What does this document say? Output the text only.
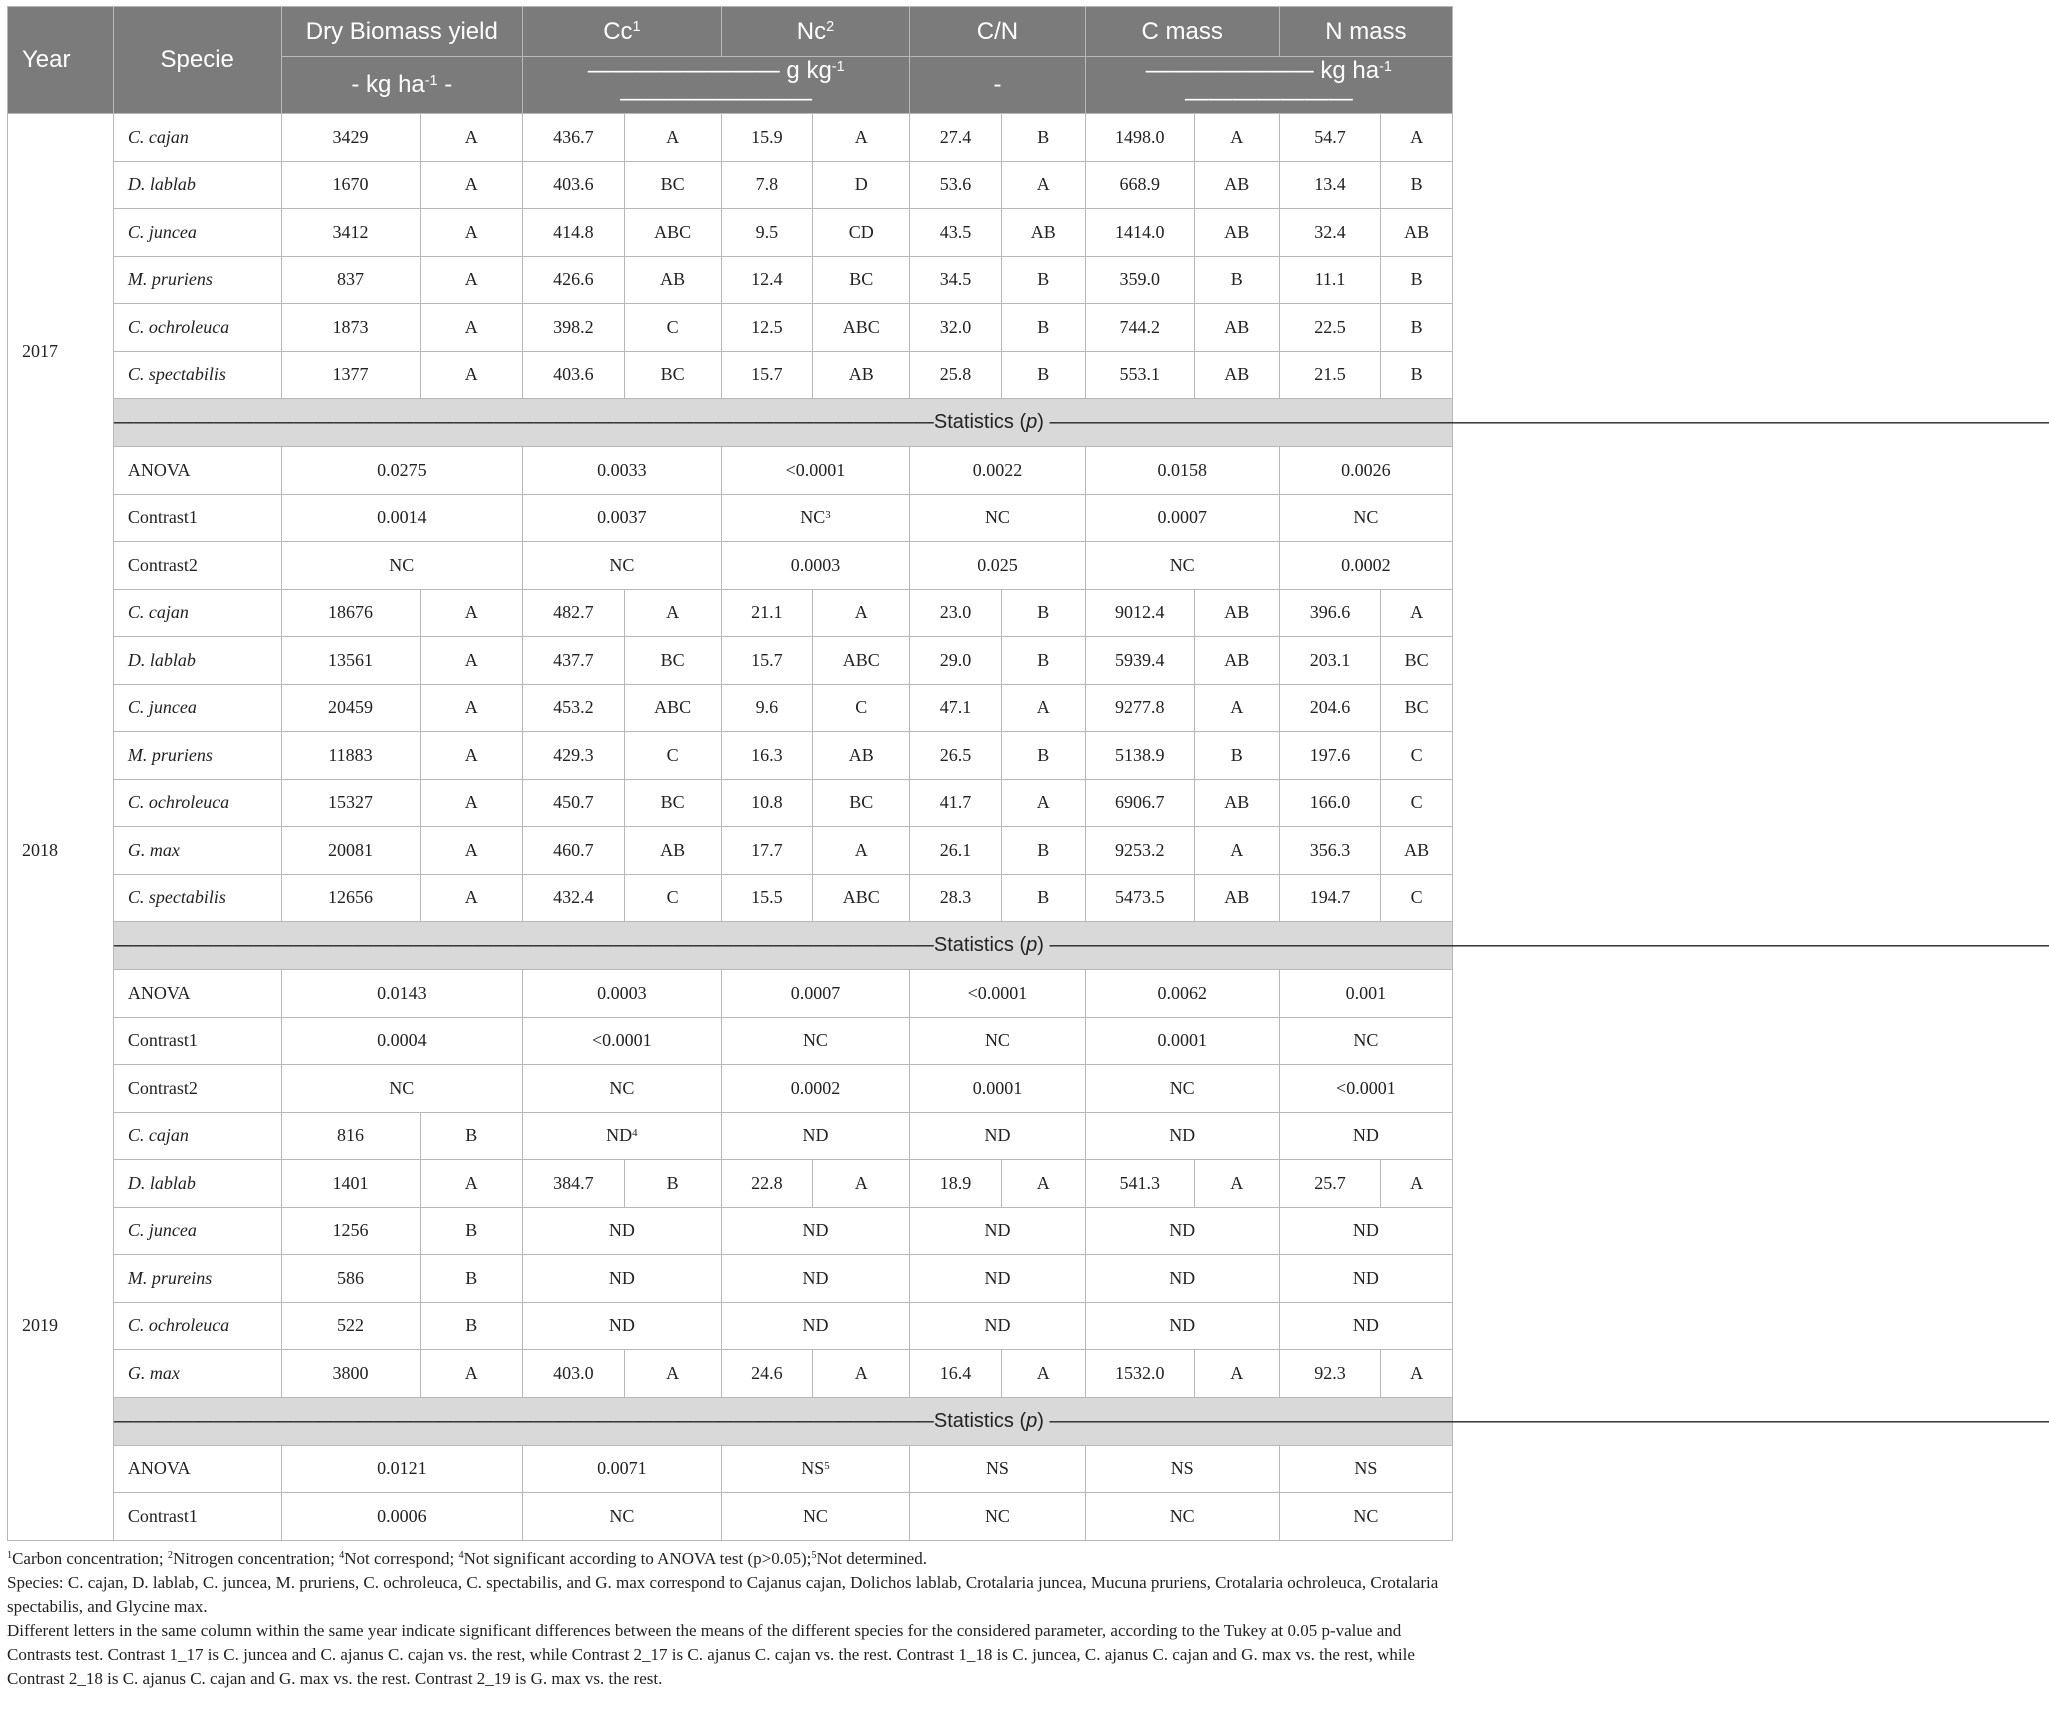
Year	Specie	Dry Biomass yield		Cc$^1$		Nc$^2$		C/N		C mass		N mass	
		- kg $ha^{-1}$ -		———————— g $kg^{-1}————————$				-		——————— kg $ha^{-1}$ ———————			
2017	C. cajan	3429	A	436.7	A	15.9	A	27.4	B	1498.0	A	54.7	A
	D. lablab	1670	A	403.6	BC	7.8	D	53.6	A	668.9	AB	13.4	B
	C. juncea	3412	A	414.8	ABC	9.5	CD	43.5	AB	1414.0	AB	32.4	AB
	M. pruriens	837	A	426.6	AB	12.4	BC	34.5	B	359.0	B	11.1	B
	C. ochroleuca	1873	A	398.2	C	12.5	ABC	32.0	B	744.2	AB	22.5	B
	C. spectabilis	1377	A	403.6	BC	15.7	AB	25.8	B	553.1	AB	21.5	B
	—————————————————————————————————————————Statistics (p) ——————————————————————————————————————————————————												
	ANOVA	0.0275		0.0033		<0.0001		0.0022		0.0158		0.0026	
	Contrast1	0.0014		0.0037		$NC^3$		NC		0.0007		NC	
	Contrast2	NC		NC		0.0003		0.025		NC		0.0002	
2018	C. cajan	18676	A	482.7	A	21.1	A	23.0	B	9012.4	AB	396.6	A
	D. lablab	13561	A	437.7	BC	15.7	ABC	29.0	B	5939.4	AB	203.1	BC
	C. juncea	20459	A	453.2	ABC	9.6	C	47.1	A	9277.8	A	204.6	BC
	M. pruriens	11883	A	429.3	C	16.3	AB	26.5	B	5138.9	B	197.6	C
	C. ochroleuca	15327	A	450.7	BC	10.8	BC	41.7	A	6906.7	AB	166.0	C
	G. max	20081	A	460.7	AB	17.7	A	26.1	B	9253.2	A	356.3	AB
	C. spectabilis	12656	A	432.4	C	15.5	ABC	28.3	B	5473.5	AB	194.7	C
	—————————————————————————————————————————Statistics (p) ——————————————————————————————————————————————————												
	ANOVA	0.0143		0.0003		0.0007		<0.0001		0.0062		0.001	
	Contrast1	0.0004		<0.0001		NC		NC		0.0001		NC	
	Contrast2	NC		NC		0.0002		0.0001		NC		<0.0001	
2019	C. cajan	816	B	$ND^4$		ND		ND		ND		ND	
	D. lablab	1401	A	384.7	B	22.8	A	18.9	A	541.3	A	25.7	A
	C. juncea	1256	B	ND		ND		ND		ND		ND	
	M. prureins	586	B	ND		ND		ND		ND		ND	
	C. ochroleuca	522	B	ND		ND		ND		ND		ND	
	G. max	3800	A	403.0	A	24.6	A	16.4	A	1532.0	A	92.3	A
	—————————————————————————————————————————Statistics (p) ——————————————————————————————————————————————————												
	ANOVA	0.0121		0.0071		$NS^5$		NS		NS		NS	
	Contrast1	0.0006		NC		NC		NC		NC		NC	

$^1$Carbon concentration; $^2$Nitrogen concentration; $^4$Not correspond; $^4$Not significant according to ANOVA test (p>0.05);$^5$Not determined.

Species: C. cajan, D. lablab, C. juncea, M. pruriens, C. ochroleuca, C. spectabilis, and G. max correspond to Cajanus cajan, Dolichos lablab, Crotalaria juncea, Mucuna pruriens, Crotalaria ochroleuca, Crotalaria spectabilis, and Glycine max.

Different letters in the same column within the same year indicate significant differences between the means of the different species for the considered parameter, according to the Tukey at 0.05 p-value and Contrasts test. Contrast 1_17 is C. juncea and C. ajanus C. cajan vs. the rest, while Contrast 2_17 is C. ajanus C. cajan vs. the rest. Contrast 1_18 is C. juncea, C. ajanus C. cajan and G. max vs. the rest, while Contrast 2_18 is C. ajanus C. cajan and G. max vs. the rest. Contrast 2_19 is G. max vs. the rest.
